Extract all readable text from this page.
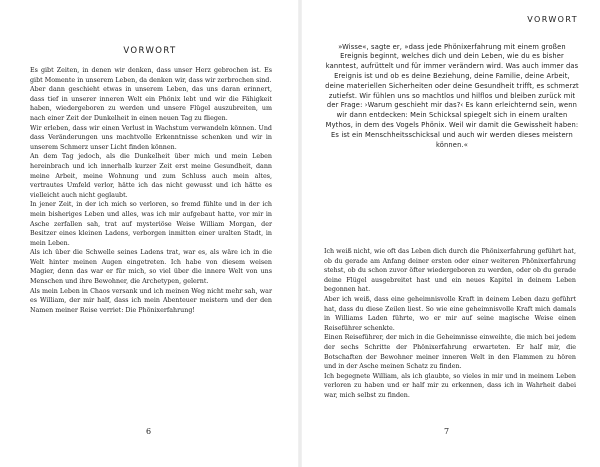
VORWORT

Es gibt Zeiten, in denen wir denken, dass unser Herz gebrochen ist. Es gibt Momente in unserem Leben, da denken wir, dass wir zerbrochen sind.

Aber dann geschieht etwas in unserem Leben, das uns daran erinnert, dass tief in unserer inneren Welt ein Phönix lebt und wir die Fähigkeit haben, wiedergeboren zu werden und unsere Flügel auszubreiten, um nach einer Zeit der Dunkelheit in einen neuen Tag zu fliegen.

Wir erleben, dass wir einen Verlust in Wachstum verwandeln können. Und dass Veränderungen uns machtvolle Erkenntnisse schenken und wir in unserem Schmerz unser Licht finden können.

An dem Tag jedoch, als die Dunkelheit über mich und mein Leben hereinbrach und ich innerhalb kurzer Zeit erst meine Gesundheit, dann meine Arbeit, meine Wohnung und zum Schluss auch mein altes, vertrautes Umfeld verlor, hätte ich das nicht gewusst und ich hätte es vielleicht auch nicht geglaubt.

In jener Zeit, in der ich mich so verloren, so fremd fühlte und in der ich mein bisheriges Leben und alles, was ich mir aufgebaut hatte, vor mir in Asche zerfallen sah, trat auf mysteriöse Weise William Morgan, der Besitzer eines kleinen Ladens, verborgen inmitten einer uralten Stadt, in mein Leben.

Als ich über die Schwelle seines Ladens trat, war es, als wäre ich in die Welt hinter meinen Augen eingetreten. Ich habe von diesem weisen Magier, denn das war er für mich, so viel über die innere Welt von uns Menschen und ihre Bewohner, die Archetypen, gelernt.

Als mein Leben in Chaos versank und ich meinen Weg nicht mehr sah, war es William, der mir half, dass ich mein Abenteuer meistern und der den Namen meiner Reise verriet: Die Phönixerfahrung!

6
VORWORT

»Wisse«, sagte er, »dass jede Phönixerfahrung mit einem großen Ereignis beginnt, welches dich und dein Leben, wie du es bisher kanntest, aufrüttelt und für immer verändern wird. Was auch immer das Ereignis ist und ob es deine Beziehung, deine Familie, deine Arbeit, deine materiellen Sicherheiten oder deine Gesundheit trifft, es schmerzt zutiefst. Wir fühlen uns so machtlos und hilflos und bleiben zurück mit der Frage: ›Warum geschieht mir das?‹ Es kann erleichternd sein, wenn wir dann entdecken: Mein Schicksal spiegelt sich in einem uralten Mythos, in dem des Vogels Phönix. Weil wir damit die Gewissheit haben: Es ist ein Menschheitsschicksal und auch wir werden dieses meistern können.«

Ich weiß nicht, wie oft das Leben dich durch die Phönixerfahrung geführt hat, ob du gerade am Anfang deiner ersten oder einer weiteren Phönixerfahrung stehst, ob du schon zuvor öfter wiedergeboren zu werden, oder ob du gerade deine Flügel ausgebreitet hast und ein neues Kapitel in deinem Leben begonnen hat.

Aber ich weiß, dass eine geheimnisvolle Kraft in deinem Leben dazu geführt hat, dass du diese Zeilen liest. So wie eine geheimnisvolle Kraft mich damals in Williams Laden führte, wo er mir auf seine magische Weise einen Reiseführer schenkte.

Einen Reiseführer, der mich in die Geheimnisse einweihte, die mich bei jedem der sechs Schritte der Phönixerfahrung erwarteten. Er half mir, die Botschaften der Bewohner meiner inneren Welt in den Flammen zu hören und in der Asche meinen Schatz zu finden.

Ich begegnete William, als ich glaubte, so vieles in mir und in meinem Leben verloren zu haben und er half mir zu erkennen, dass ich in Wahrheit dabei war, mich selbst zu finden.

7
